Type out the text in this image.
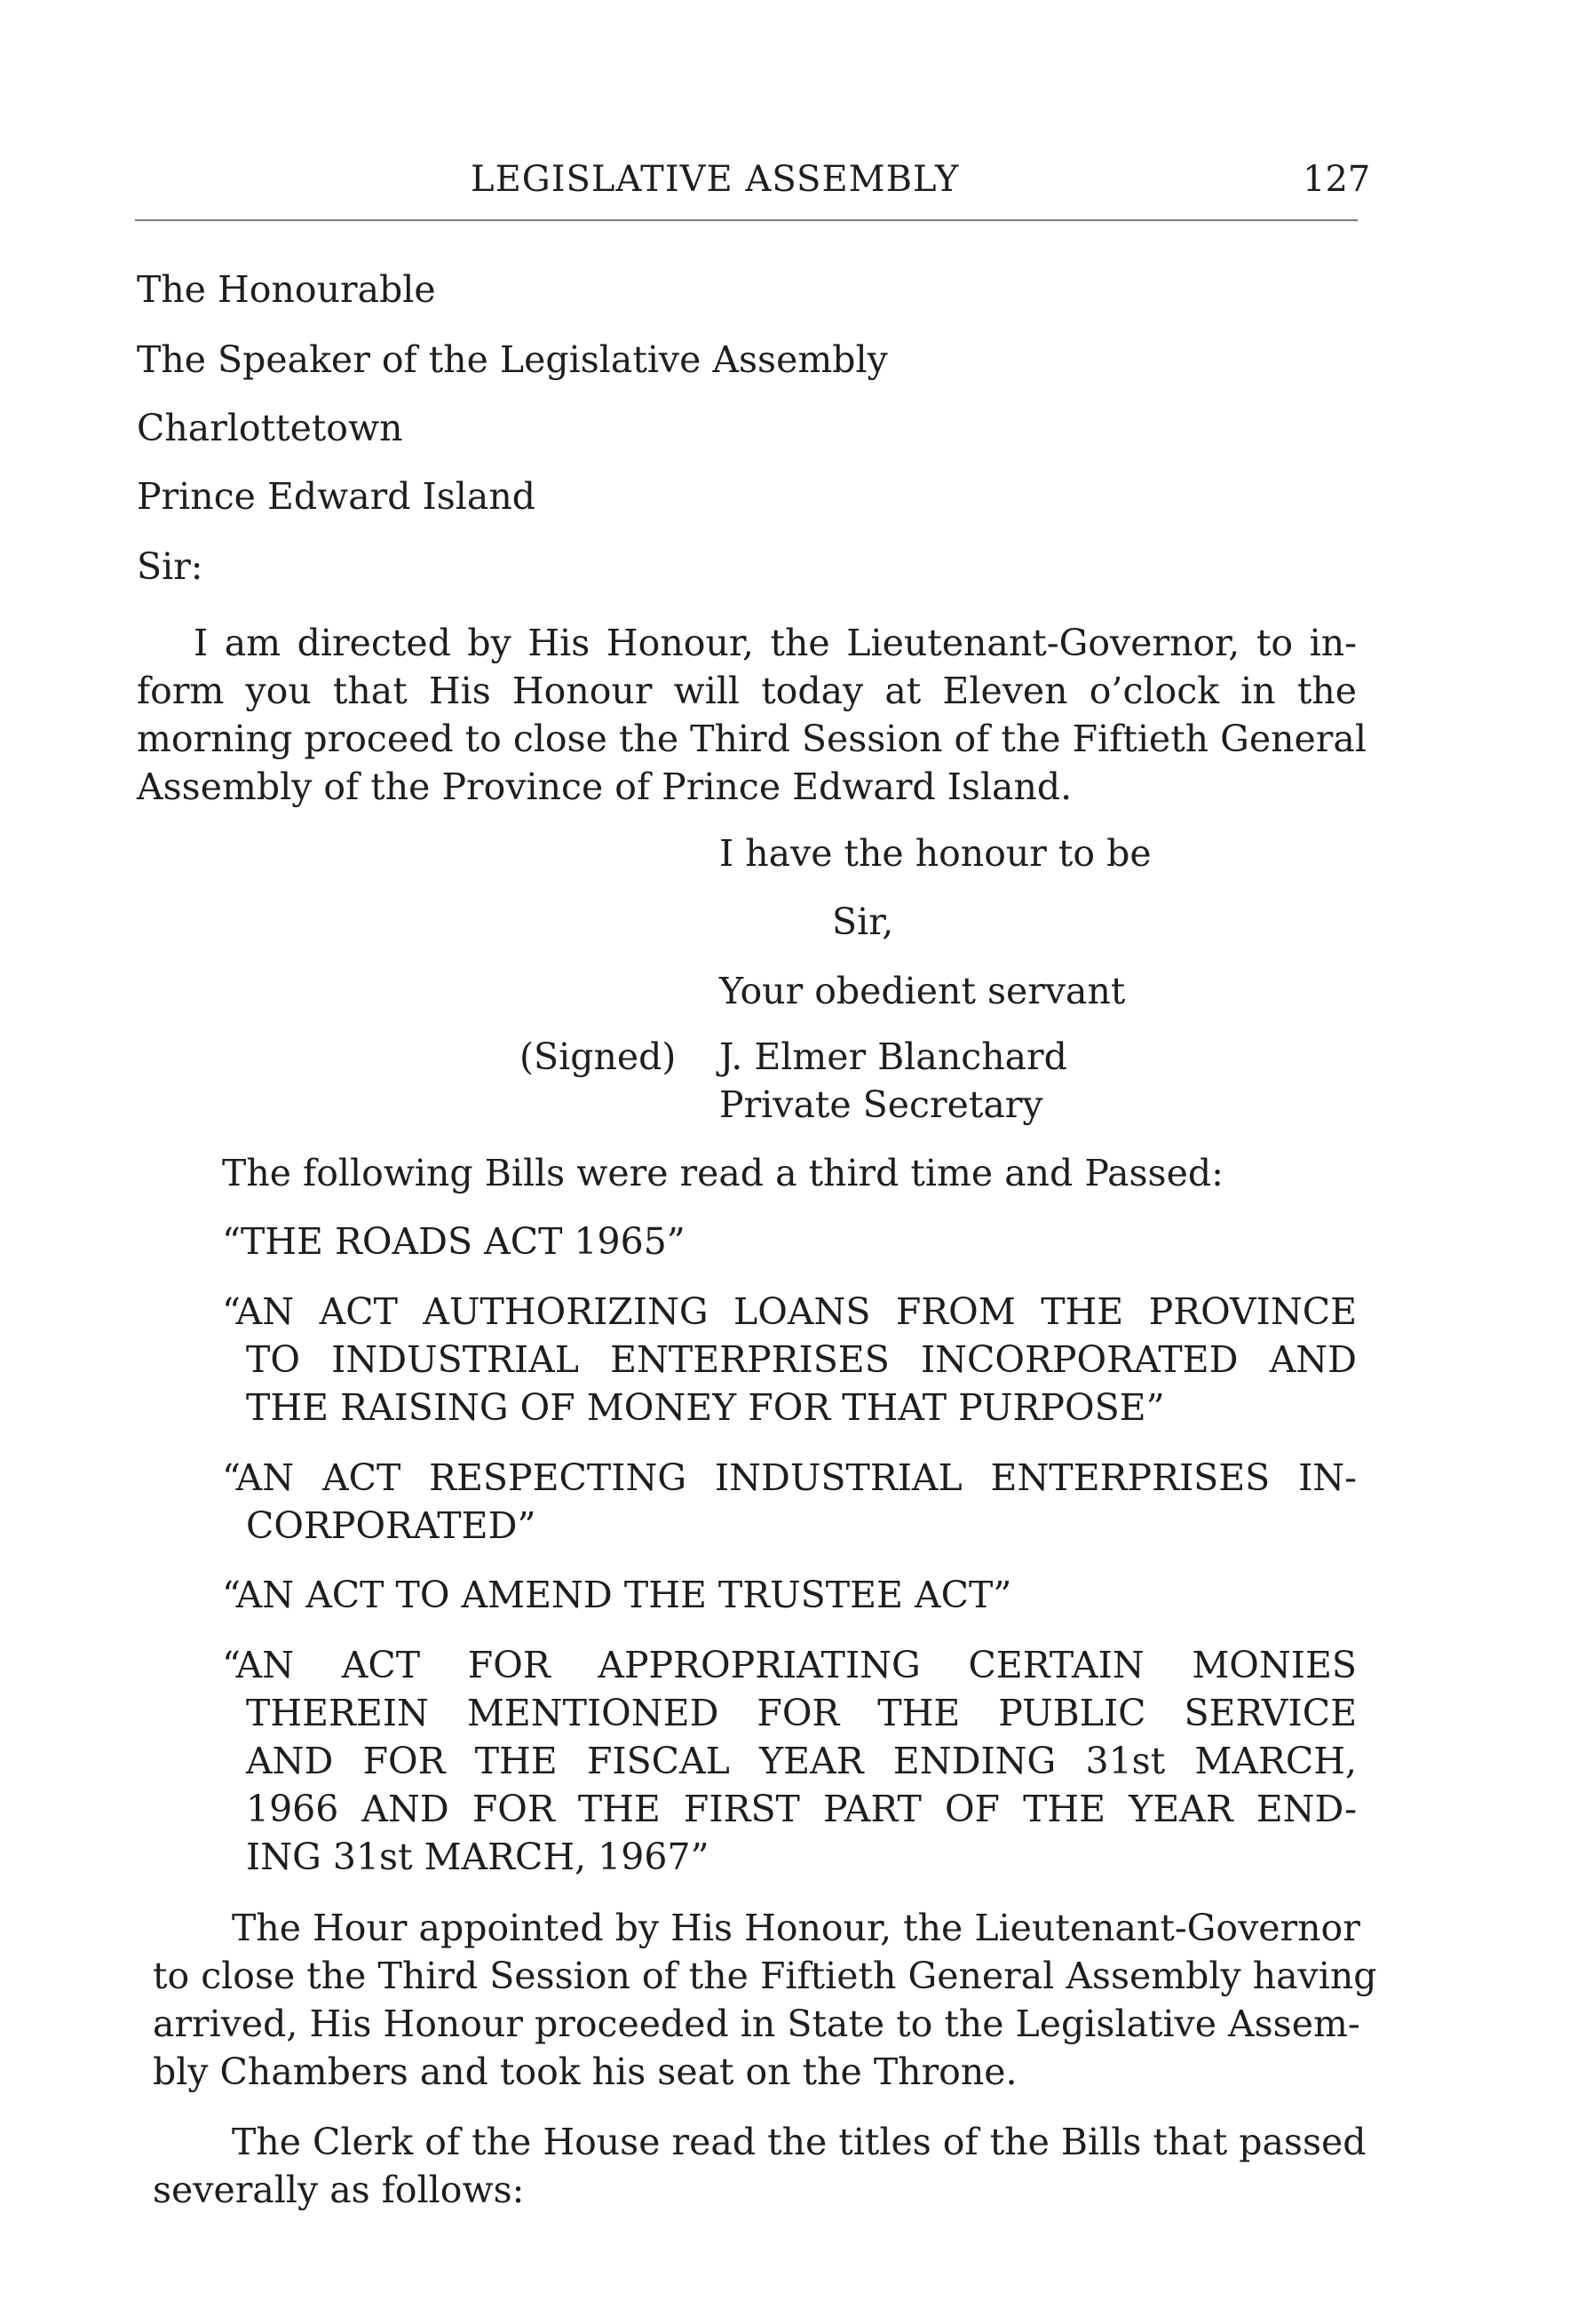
LEGISLATIVE ASSEMBLY	127
The Honourable
The Speaker of the Legislative Assembly
Charlottetown
Prince Edward Island
Sir:
I am directed by His Honour, the Lieutenant-Governor, to in-
form you that His Honour will today at Eleven o’clock in the
morning proceed to close the Third Session of the Fiftieth General
Assembly of the Province of Prince Edward Island.
I have the honour to be
Sir,
Your obedient servant
(Signed) J. Elmer Blanchard
Private Secretary
The following Bills were read a third time and Passed:
“THE ROADS ACT 1965”
“AN ACT AUTHORIZING LOANS FROM THE PROVINCE
TO INDUSTRIAL ENTERPRISES INCORPORATED AND
THE RAISING OF MONEY FOR THAT PURPOSE”
“AN ACT RESPECTING INDUSTRIAL ENTERPRISES IN-
CORPORATED”
“AN ACT TO AMEND THE TRUSTEE ACT”
“AN ACT FOR APPROPRIATING CERTAIN MONIES
THEREIN MENTIONED FOR THE PUBLIC SERVICE
AND FOR THE FISCAL YEAR ENDING 31st MARCH,
1966 AND FOR THE FIRST PART OF THE YEAR END-
ING 31st MARCH, 1967”
The Hour appointed by His Honour, the Lieutenant-Governor
to close the Third Session of the Fiftieth General Assembly having
arrived, His Honour proceeded in State to the Legislative Assem-
bly Chambers and took his seat on the Throne.
The Clerk of the House read the titles of the Bills that passed
severally as follows:
